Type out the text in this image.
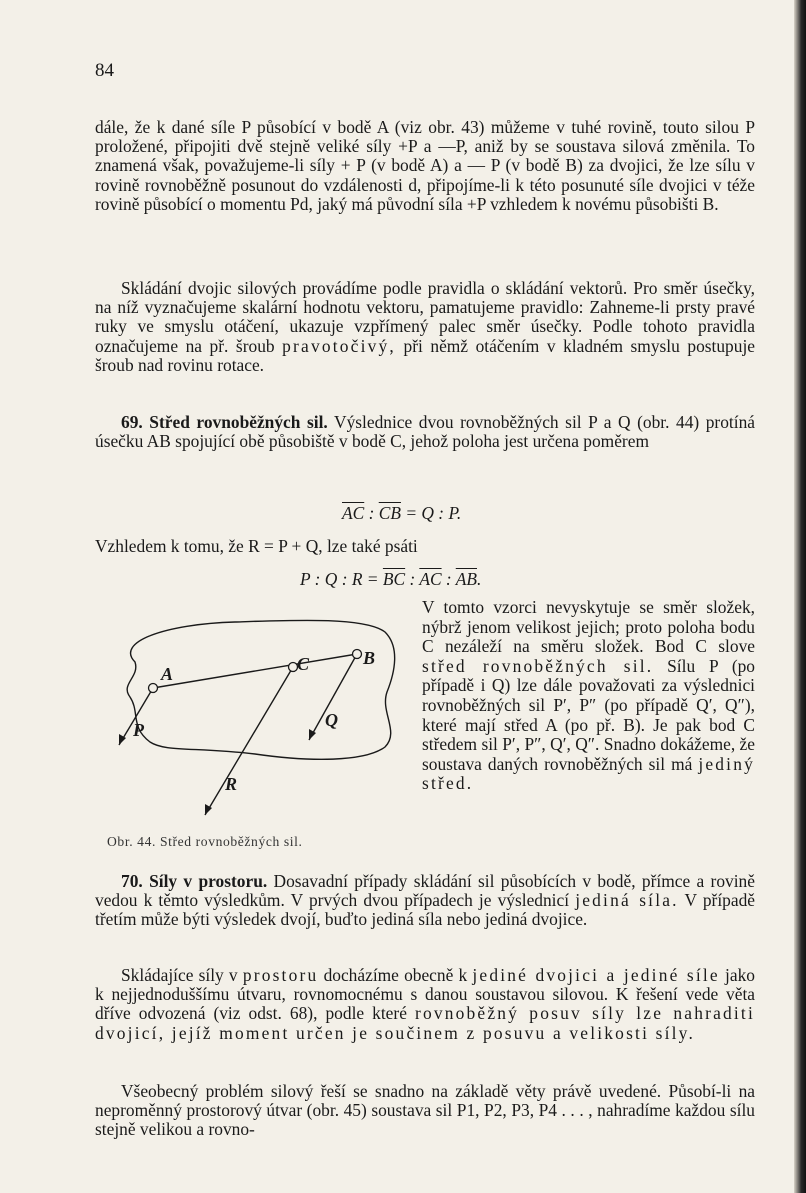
84

dále, že k dané síle P působící v bodě A (viz obr. 43) můžeme v tuhé rovině, touto silou P proložené, připojiti dvě stejně veliké síly +P a —P, aniž by se soustava silová změnila. To znamená však, považujeme-li síly + P (v bodě A) a — P (v bodě B) za dvojici, že lze sílu v rovině rovnoběžně posunout do vzdálenosti d, připojíme-li k této posunuté síle dvojici v téže rovině působící o momentu Pd, jaký má původní síla +P vzhledem k novému působišti B.

Skládání dvojic silových provádíme podle pravidla o skládání vektorů. Pro směr úsečky, na níž vyznačujeme skalární hodnotu vektoru, pamatujeme pravidlo: Zahneme-li prsty pravé ruky ve smyslu otáčení, ukazuje vzpřímený palec směr úsečky. Podle tohoto pravidla označujeme na př. šroub pravotočivý, při němž otáčením v kladném smyslu postupuje šroub nad rovinu rotace.

69. Střed rovnoběžných sil. Výslednice dvou rovnoběžných sil P a Q (obr. 44) protíná úsečku AB spojující obě působiště v bodě C, jehož poloha jest určena poměrem

$\overline{AC}$ : $\overline{CB} = Q$ : P.

Vzhledem k tomu, že R = P + Q, lze také psáti

P : Q : $R = \overline{BC}$ : $\overline{AC}$ : $\overline{AB}$.
A
B
C
P	Q
R
Obr. 44. Střed rovnoběžných sil.

V tomto vzorci nevyskytuje se směr složek, nýbrž jenom velikost jejich; proto poloha bodu C nezáleží na směru složek. Bod C slove střed rovnoběžných sil. Sílu P (po případě i Q) lze dále považovati za výslednici rovnoběžných sil P′, P″ (po případě Q′, Q″), které mají střed A (po př. B). Je pak bod C středem sil P′, P″, Q′, Q″. Snadno dokážeme, že soustava daných rovnoběžných sil má jediný střed.

70. Síly v prostoru. Dosavadní případy skládání sil působících v bodě, přímce a rovině vedou k těmto výsledkům. V prvých dvou případech je výslednicí jediná síla. V případě třetím může býti výsledek dvojí, buďto jediná síla nebo jediná dvojice.

Skládajíce síly v prostoru docházíme obecně k jediné dvojici a jediné síle jako k nejjednoduššímu útvaru, rovnomocnému s danou soustavou silovou. K řešení vede věta dříve odvozená (viz odst. 68), podle které rovnoběžný posuv síly lze nahraditi dvojicí, jejíž moment určen je součinem z posuvu a velikosti síly.

Všeobecný problém silový řeší se snadno na základě věty právě uvedené. Působí-li na neproměnný prostorový útvar (obr. 45) soustava sil P1, P2, P3, P4 . . . , nahradíme každou sílu stejně velikou a rovno-
